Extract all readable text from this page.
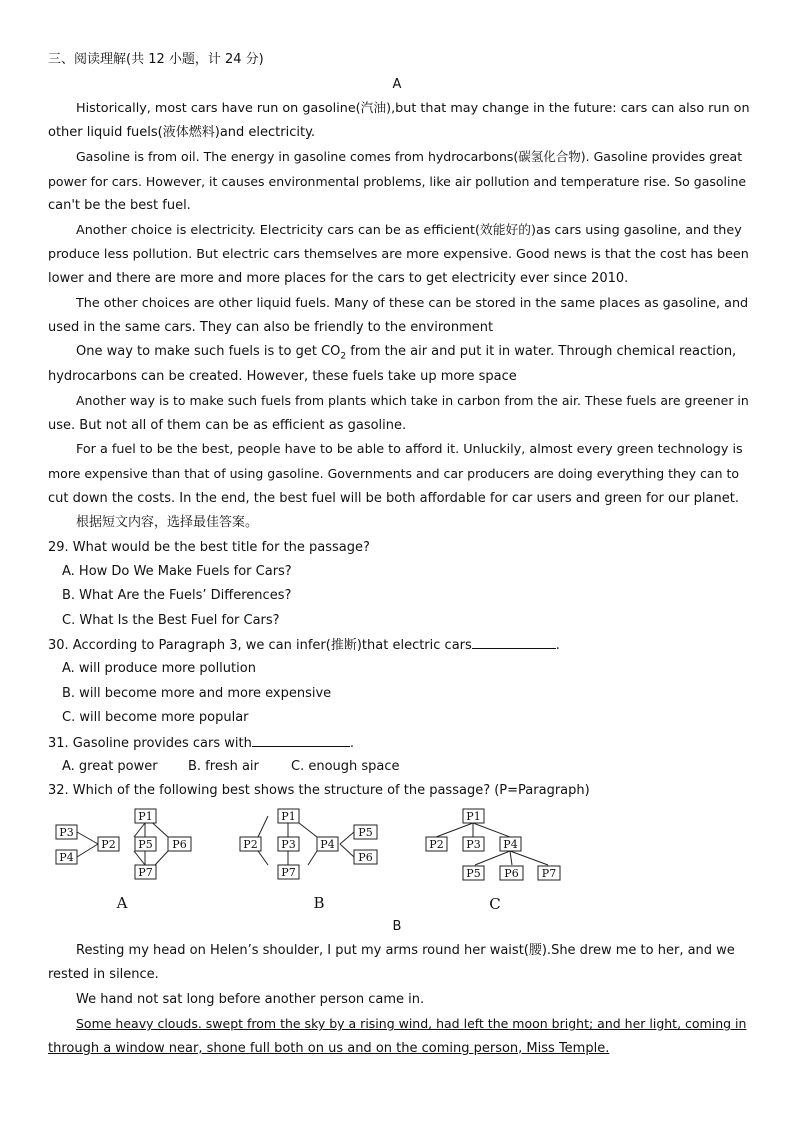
三、阅读理解(共 12 小题，计 24 分)
A
Historically, most cars have run on gasoline(汽油),but that may change in the future: cars can also run on
other liquid fuels(液体燃料)and electricity.
Gasoline is from oil. The energy in gasoline comes from hydrocarbons(碳氢化合物). Gasoline provides great
power for cars. However, it causes environmental problems, like air pollution and temperature rise. So gasoline
can't be the best fuel.
Another choice is electricity. Electricity cars can be as efficient(效能好的)as cars using gasoline, and they
produce less pollution. But electric cars themselves are more expensive. Good news is that the cost has been
lower and there are more and more places for the cars to get electricity ever since 2010.
The other choices are other liquid fuels. Many of these can be stored in the same places as gasoline, and
used in the same cars. They can also be friendly to the environment
One way to make such fuels is to get $CO_2$ from the air and put it in water. Through chemical reaction,
hydrocarbons can be created. However, these fuels take up more space
Another way is to make such fuels from plants which take in carbon from the air. These fuels are greener in
use. But not all of them can be as efficient as gasoline.
For a fuel to be the best, people have to be able to afford it. Unluckily, almost every green technology is
more expensive than that of using gasoline. Governments and car producers are doing everything they can to
cut down the costs. In the end, the best fuel will be both affordable for car users and green for our planet.
根据短文内容，选择最佳答案。
29. What would be the best title for the passage?
A. How Do We Make Fuels for Cars?
B. What Are the Fuels’ Differences?
C. What Is the Best Fuel for Cars?
30. According to Paragraph 3, we can infer(推断)that electric cars	.
A. will produce more pollution
B. will become more and more expensive
C. will become more popular
31. Gasoline provides cars with	.
A. great power B. fresh air C. enough space
32. Which of the following best shows the structure of the passage? (P=Paragraph)
P1
P3
P2 P5 P6
P4
P7
P1
P2 P3 P4
P5
P6
P7
P1
P2 P3 P4
P5 P6 P7
A	B	C
B
Resting my head on Helen’s shoulder, I put my arms round her waist(腰).She drew me to her, and we
rested in silence.
We hand not sat long before another person came in.
Some heavy clouds. swept from the sky by a rising wind, had left the moon bright; and her light, coming in
through a window near, shone full both on us and on the coming person, Miss Temple.
